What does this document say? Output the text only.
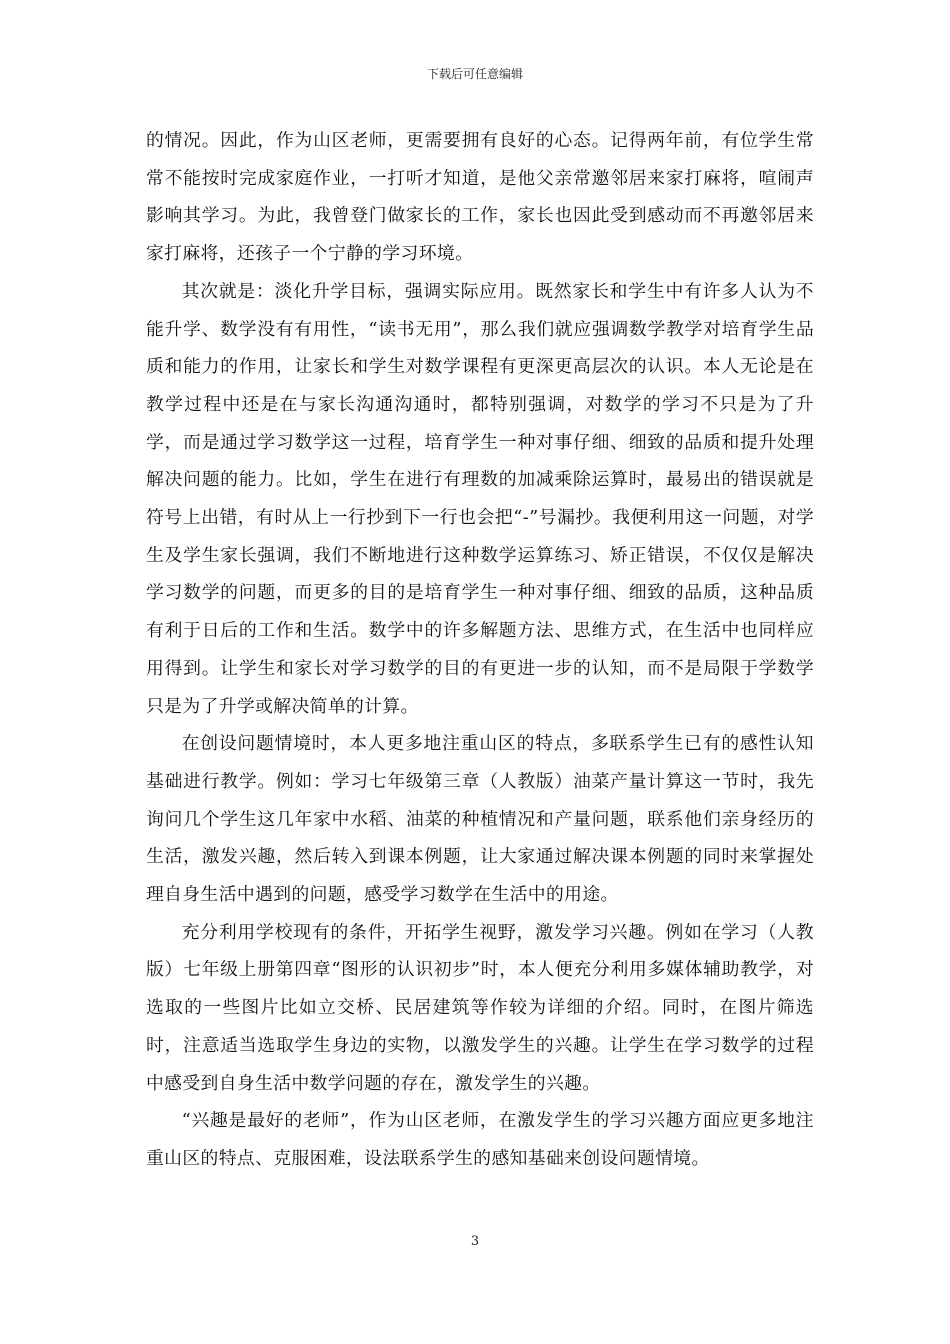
下载后可任意编辑

的情况。因此，作为山区老师，更需要拥有良好的心态。记得两年前，有位学生常常不能按时完成家庭作业，一打听才知道，是他父亲常邀邻居来家打麻将，喧闹声影响其学习。为此，我曾登门做家长的工作，家长也因此受到感动而不再邀邻居来家打麻将，还孩子一个宁静的学习环境。

其次就是：淡化升学目标，强调实际应用。既然家长和学生中有许多人认为不能升学、数学没有有用性，“读书无用”，那么我们就应强调数学教学对培育学生品质和能力的作用，让家长和学生对数学课程有更深更高层次的认识。本人无论是在教学过程中还是在与家长沟通沟通时，都特别强调，对数学的学习不只是为了升学，而是通过学习数学这一过程，培育学生一种对事仔细、细致的品质和提升处理解决问题的能力。比如，学生在进行有理数的加减乘除运算时，最易出的错误就是符号上出错，有时从上一行抄到下一行也会把“-”号漏抄。我便利用这一问题，对学生及学生家长强调，我们不断地进行这种数学运算练习、矫正错误，不仅仅是解决学习数学的问题，而更多的目的是培育学生一种对事仔细、细致的品质，这种品质有利于日后的工作和生活。数学中的许多解题方法、思维方式，在生活中也同样应用得到。让学生和家长对学习数学的目的有更进一步的认知，而不是局限于学数学只是为了升学或解决简单的计算。

在创设问题情境时，本人更多地注重山区的特点，多联系学生已有的感性认知基础进行教学。例如：学习七年级第三章（人教版）油菜产量计算这一节时，我先询问几个学生这几年家中水稻、油菜的种植情况和产量问题，联系他们亲身经历的生活，激发兴趣，然后转入到课本例题，让大家通过解决课本例题的同时来掌握处理自身生活中遇到的问题，感受学习数学在生活中的用途。

充分利用学校现有的条件，开拓学生视野，激发学习兴趣。例如在学习（人教版）七年级上册第四章“图形的认识初步”时，本人便充分利用多媒体辅助教学，对选取的一些图片比如立交桥、民居建筑等作较为详细的介绍。同时，在图片筛选时，注意适当选取学生身边的实物，以激发学生的兴趣。让学生在学习数学的过程中感受到自身生活中数学问题的存在，激发学生的兴趣。

“兴趣是最好的老师”，作为山区老师，在激发学生的学习兴趣方面应更多地注重山区的特点、克服困难，设法联系学生的感知基础来创设问题情境。

3
